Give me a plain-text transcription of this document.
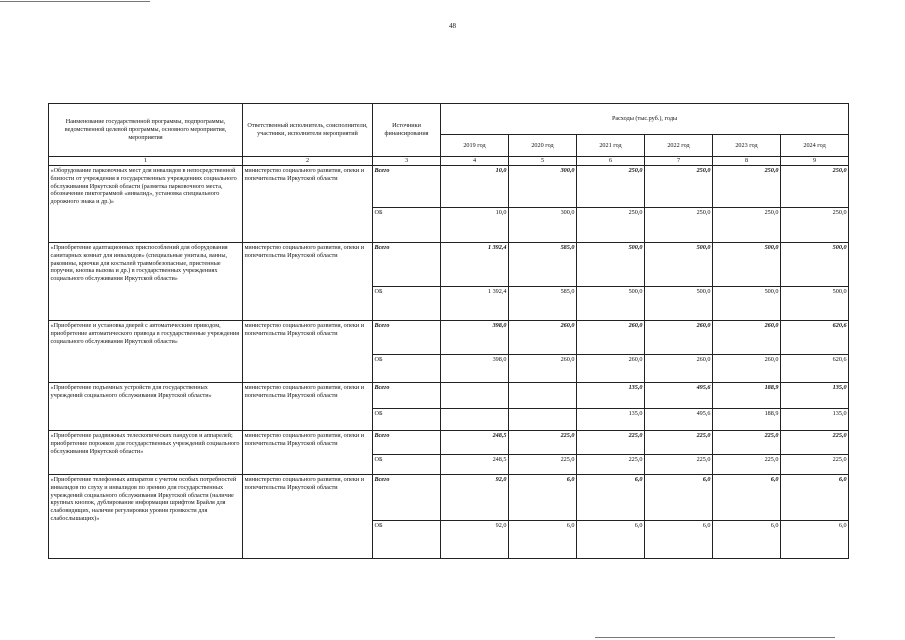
48
Наименование государственной программы, подпрограммы, ведомственной целевой программы, основного мероприятия, мероприятия	Ответственный исполнитель, соисполнители, участники, исполнители мероприятий	Источники финансирования	Расходы (тыс.руб.), годы					
			2019 год	2020 год	2021 год	2022 год	2023 год	2024 год
1	2	3	4	5	6	7	8	9
«Оборудование парковочных мест для инвалидов в непосредственной близости от учреждения в государственных учреждениях социального обслуживания Иркутской области (разметка парковочного места, обозначение пиктограммой «инвалид», установка специального дорожного знака и др.)»	министерство социального развития, опеки и попечительства Иркутской области	Всего	10,0	300,0	250,0	250,0	250,0	250,0
		ОБ	10,0	300,0	250,0	250,0	250,0	250,0
«Приобретение адаптационных приспособлений для оборудования санитарных комнат для инвалидов» (специальные унитазы, ванны, раковины, крючки для костылей травмобезопасные, пристенные поручни, кнопка вызова и др.) в государственных учреждениях социального обслуживания Иркутской области»	министерство социального развития, опеки и попечительства Иркутской области	Всего	1 392,4	585,0	500,0	500,0	500,0	500,0
		ОБ	1 392,4	585,0	500,0	500,0	500,0	500,0
«Приобретение и установка дверей с автоматическим приводом, приобретение автоматического привода в государственные учреждения социального обслуживания Иркутской области»	министерство социального развития, опеки и попечительства Иркутской области	Всего	398,0	260,0	260,0	260,0	260,0	620,6
		ОБ	398,0	260,0	260,0	260,0	260,0	620,6
«Приобретение подъемных устройств для государственных учреждений социального обслуживания Иркутской области»	министерство социального развития, опеки и попечительства Иркутской области	Всего			135,0	495,6	188,9	135,0
		ОБ			135,0	495,6	188,9	135,0
«Приобретение раздвижных телескопических пандусов и аппарелей; приобретение порожков для государственных учреждений социального обслуживания Иркутской области»	министерство социального развития, опеки и попечительства Иркутской области	Всего	248,5	225,0	225,0	225,0	225,0	225,0
		ОБ	248,5	225,0	225,0	225,0	225,0	225,0
«Приобретение телефонных аппаратов с учетом особых потребностей инвалидов по слуху и инвалидов по зрению для государственных учреждений социального обслуживания Иркутской области (наличие крупных кнопок, дублирование информации шрифтом Брайля для слабовидящих, наличие регулировки уровня громкости для слабослышащих)»	министерство социального развития, опеки и попечительства Иркутской области	Всего	92,0	6,0	6,0	6,0	6,0	6,0
		ОБ	92,0	6,0	6,0	6,0	6,0	6,0
